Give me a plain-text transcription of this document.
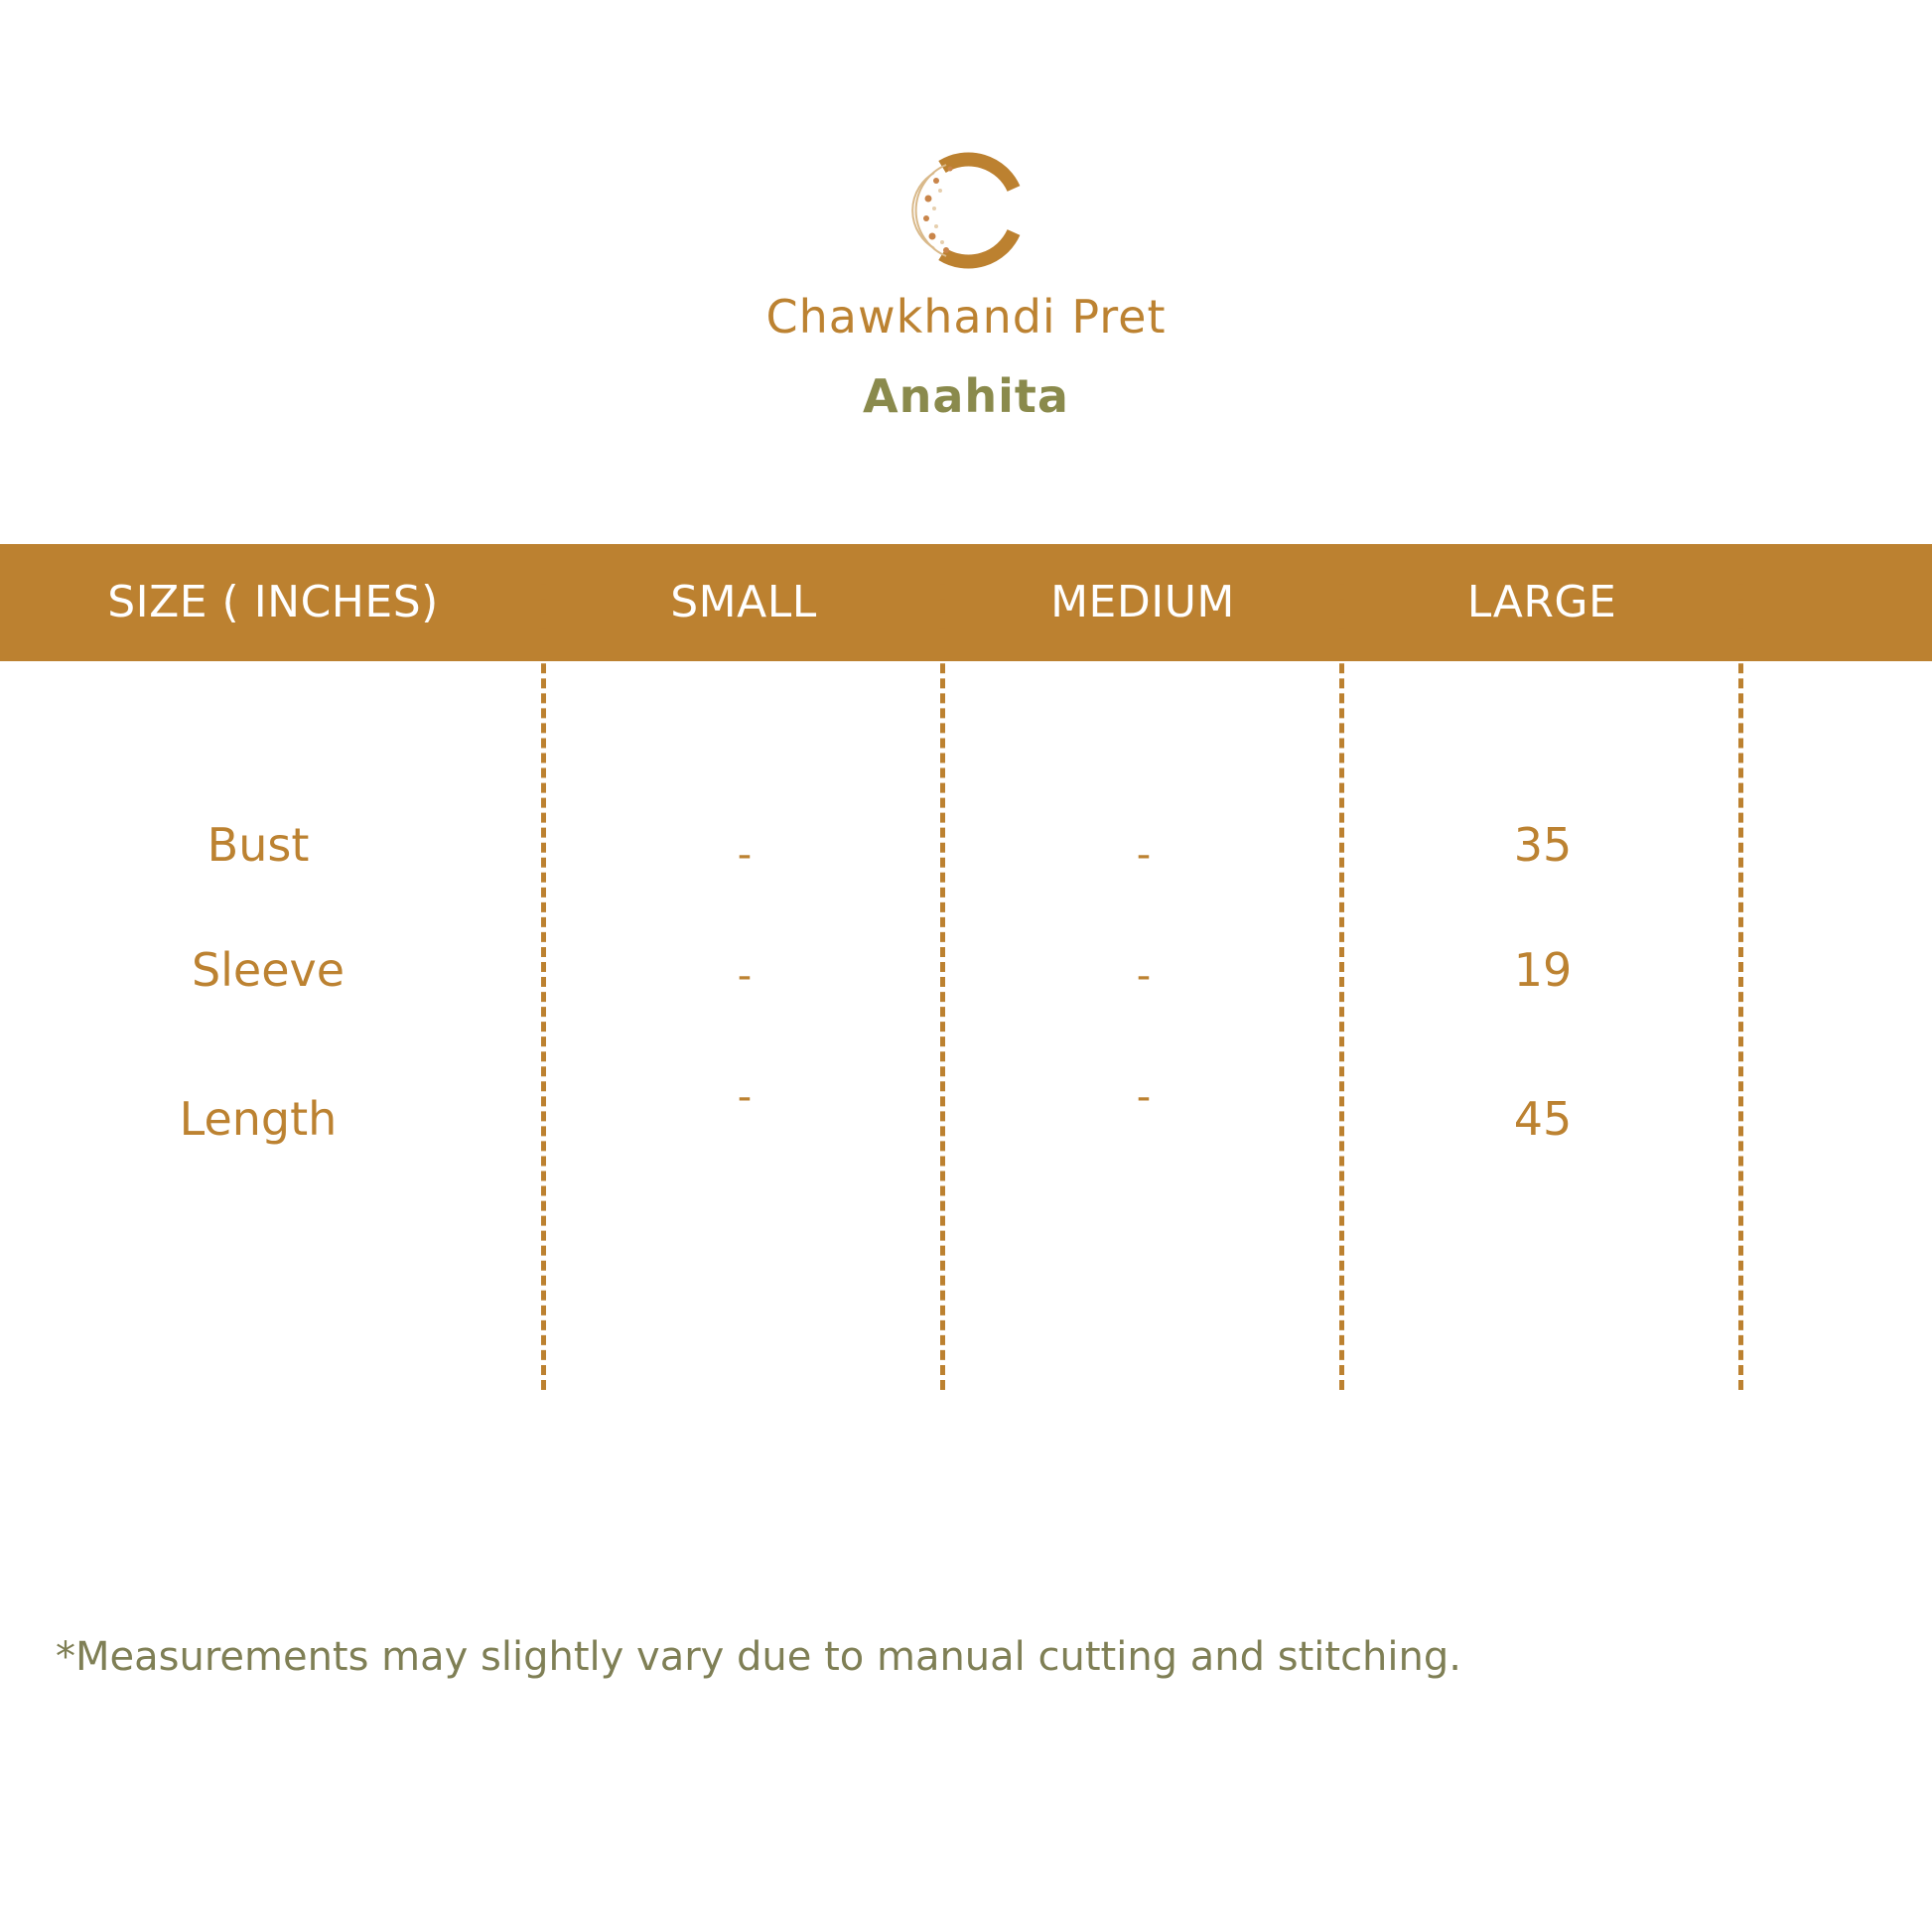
Chawkhandi Pret
Anahita
SIZE ( INCHES)	SMALL	MEDIUM	LARGE
Bust	-	-	35
Sleeve	-	-	19
Length	-	-	45
*Measurements may slightly vary due to manual cutting and stitching.
